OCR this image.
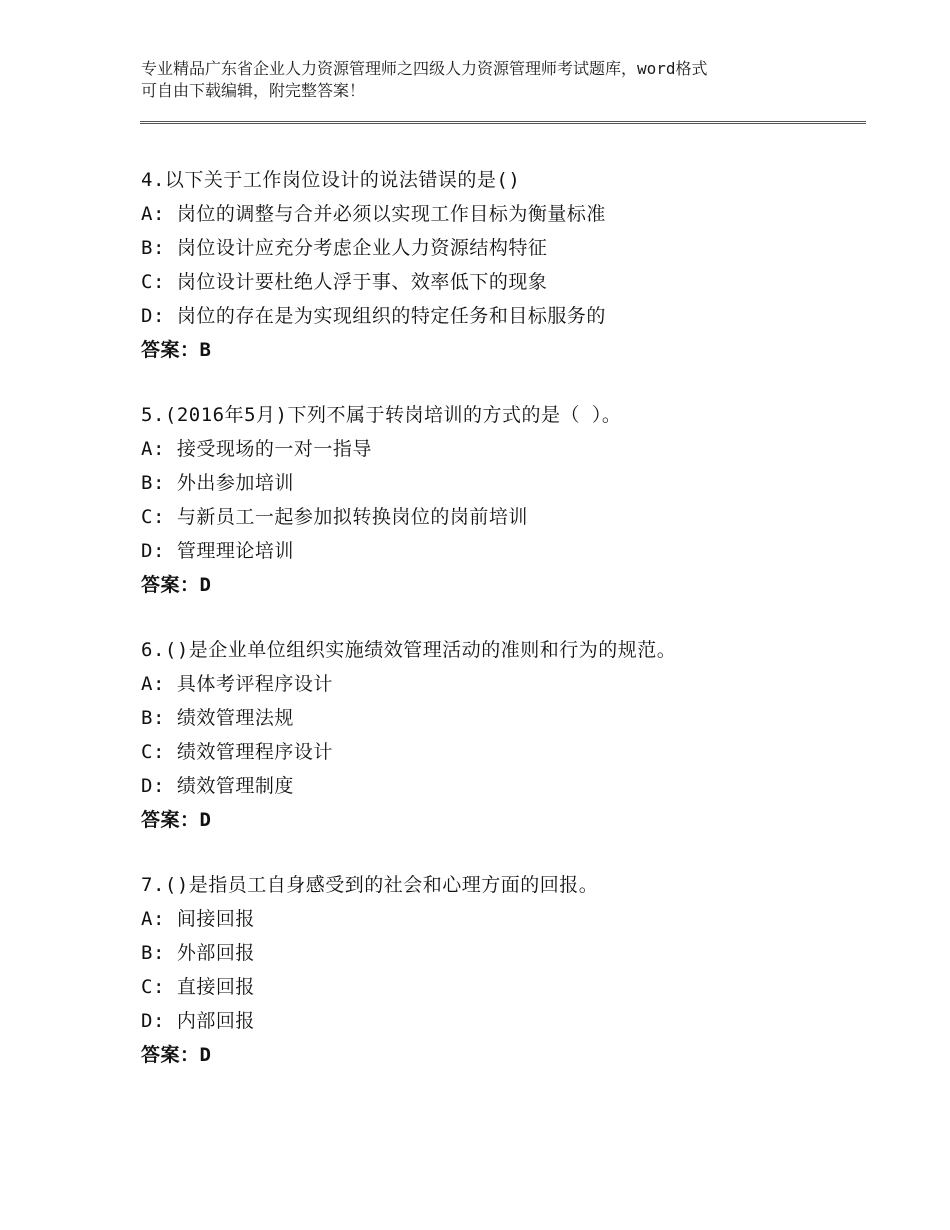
专业精品广东省企业人力资源管理师之四级人力资源管理师考试题库，word格式
可自由下载编辑，附完整答案！
4.以下关于工作岗位设计的说法错误的是()
A: 岗位的调整与合并必须以实现工作目标为衡量标准
B: 岗位设计应充分考虑企业人力资源结构特征
C: 岗位设计要杜绝人浮于事、效率低下的现象
D: 岗位的存在是为实现组织的特定任务和目标服务的
答案：B
5.(2016年5月)下列不属于转岗培训的方式的是（ ）。
A: 接受现场的一对一指导
B: 外出参加培训
C: 与新员工一起参加拟转换岗位的岗前培训
D: 管理理论培训
答案：D
6.()是企业单位组织实施绩效管理活动的准则和行为的规范。
A: 具体考评程序设计
B: 绩效管理法规
C: 绩效管理程序设计
D: 绩效管理制度
答案：D
7.()是指员工自身感受到的社会和心理方面的回报。
A: 间接回报
B: 外部回报
C: 直接回报
D: 内部回报
答案：D
